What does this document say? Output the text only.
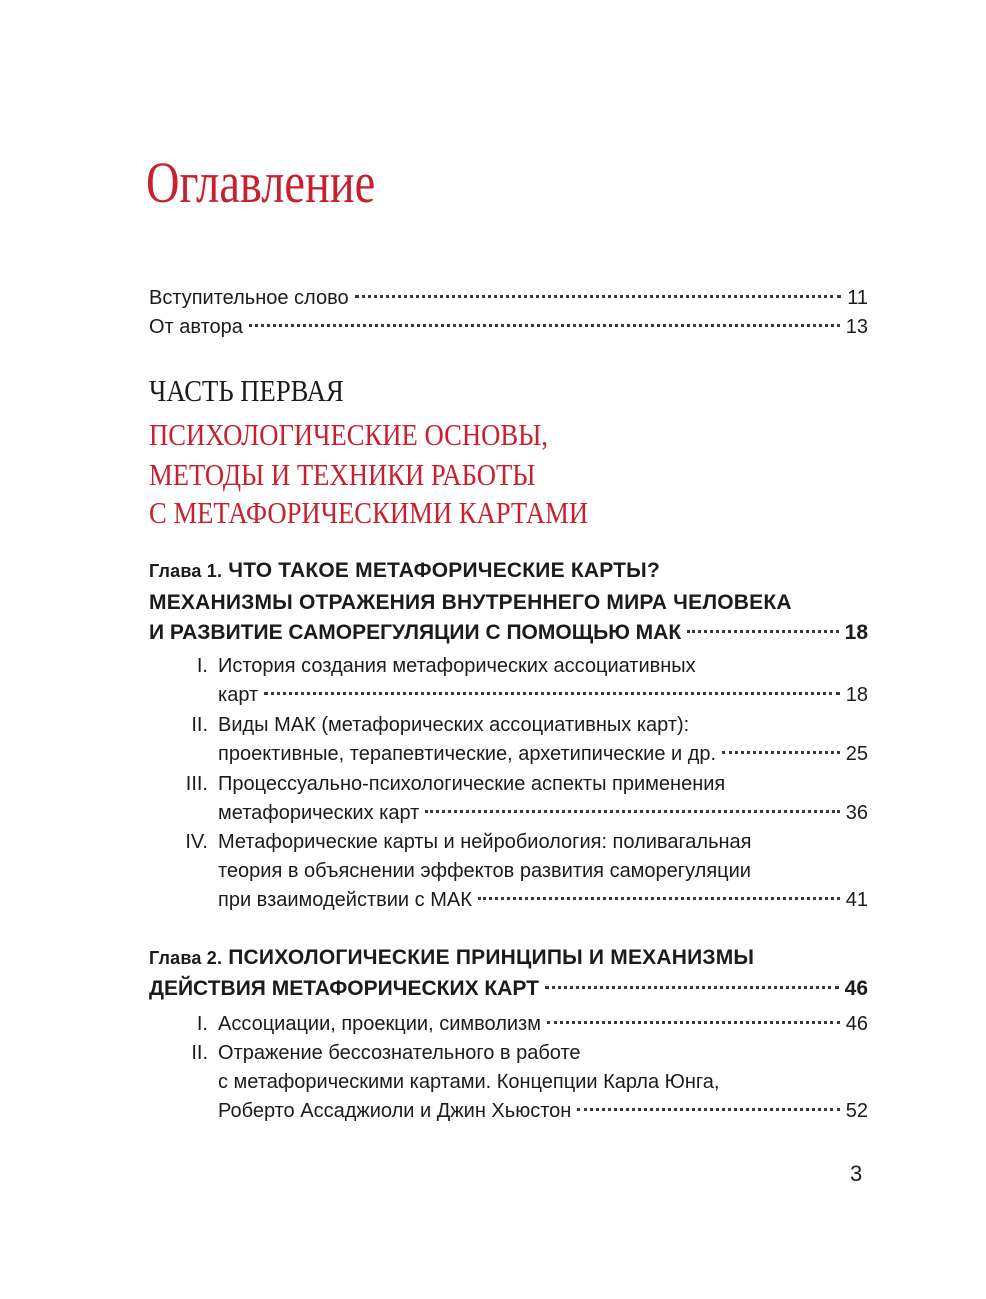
Оглавление
Вступительное слово	11
От автора	13
ЧАСТЬ ПЕРВАЯ
ПСИХОЛОГИЧЕСКИЕ ОСНОВЫ,
МЕТОДЫ И ТЕХНИКИ РАБОТЫ
С МЕТАФОРИЧЕСКИМИ КАРТАМИ
Глава 1. ЧТО ТАКОЕ МЕТАФОРИЧЕСКИЕ КАРТЫ?
МЕХАНИЗМЫ ОТРАЖЕНИЯ ВНУТРЕННЕГО МИРА ЧЕЛОВЕКА
И РАЗВИТИЕ САМОРЕГУЛЯЦИИ С ПОМОЩЬЮ МАК	18
I. История создания метафорических ассоциативных
карт	18
II. Виды МАК (метафорических ассоциативных карт):
проективные, терапевтические, архетипические и др.	25
III. Процессуально-психологические аспекты применения
метафорических карт	36
IV. Метафорические карты и нейробиология: поливагальная
теория в объяснении эффектов развития саморегуляции
при взаимодействии с МАК	41
Глава 2. ПСИХОЛОГИЧЕСКИЕ ПРИНЦИПЫ И МЕХАНИЗМЫ
ДЕЙСТВИЯ МЕТАФОРИЧЕСКИХ КАРТ	46
I. Ассоциации, проекции, символизм	46
II. Отражение бессознательного в работе
с метафорическими картами. Концепции Карла Юнга,
Роберто Ассаджиоли и Джин Хьюстон	52
3
